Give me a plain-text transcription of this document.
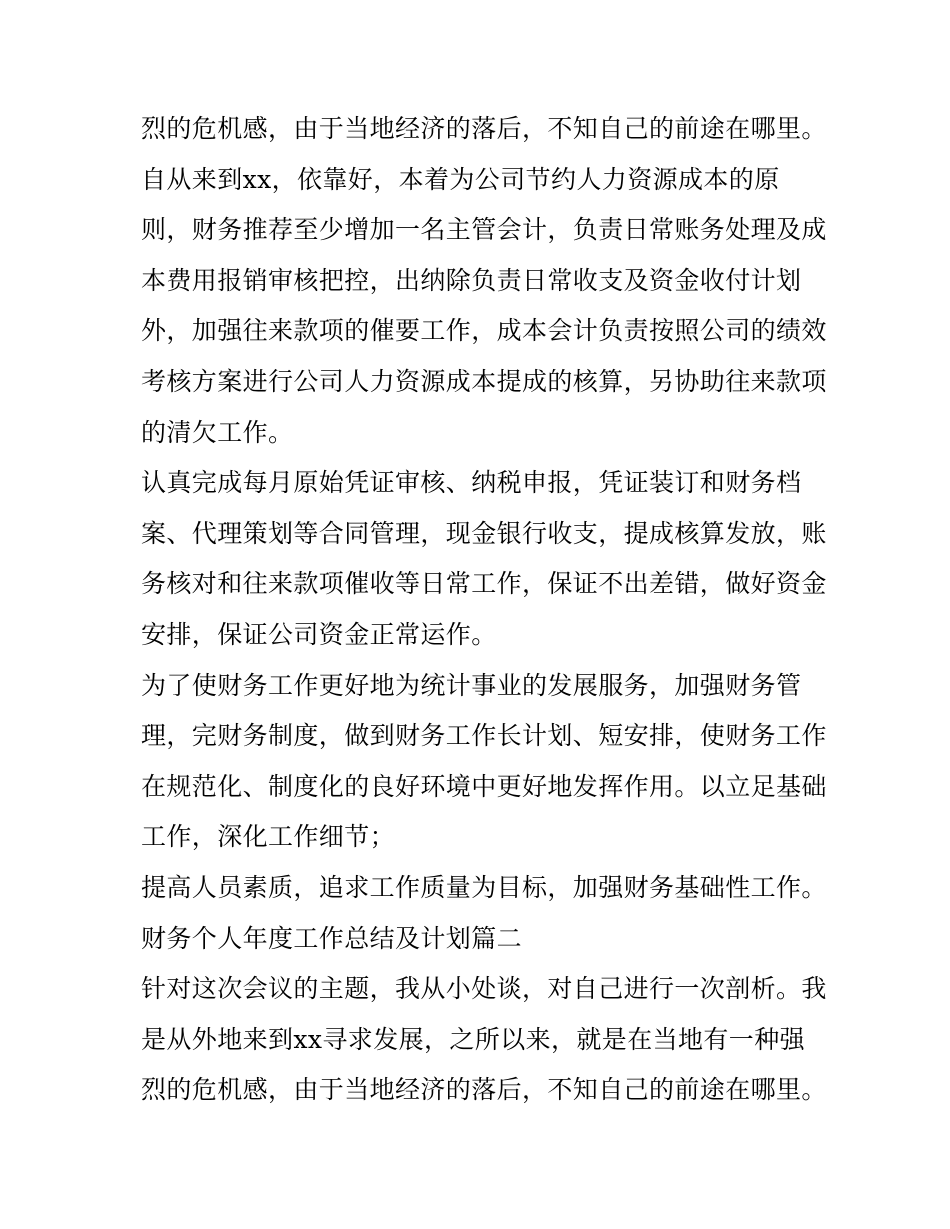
烈的危机感，由于当地经济的落后，不知自己的前途在哪里。
自从来到xx，依靠好，本着为公司节约人力资源成本的原
则，财务推荐至少增加一名主管会计，负责日常账务处理及成
本费用报销审核把控，出纳除负责日常收支及资金收付计划
外，加强往来款项的催要工作，成本会计负责按照公司的绩效
考核方案进行公司人力资源成本提成的核算，另协助往来款项
的清欠工作。
认真完成每月原始凭证审核、纳税申报，凭证装订和财务档
案、代理策划等合同管理，现金银行收支，提成核算发放，账
务核对和往来款项催收等日常工作，保证不出差错，做好资金
安排，保证公司资金正常运作。
为了使财务工作更好地为统计事业的发展服务，加强财务管
理，完财务制度，做到财务工作长计划、短安排，使财务工作
在规范化、制度化的良好环境中更好地发挥作用。以立足基础
工作，深化工作细节；
提高人员素质，追求工作质量为目标，加强财务基础性工作。
财务个人年度工作总结及计划篇二
针对这次会议的主题，我从小处谈，对自己进行一次剖析。我
是从外地来到xx寻求发展，之所以来，就是在当地有一种强
烈的危机感，由于当地经济的落后，不知自己的前途在哪里。
